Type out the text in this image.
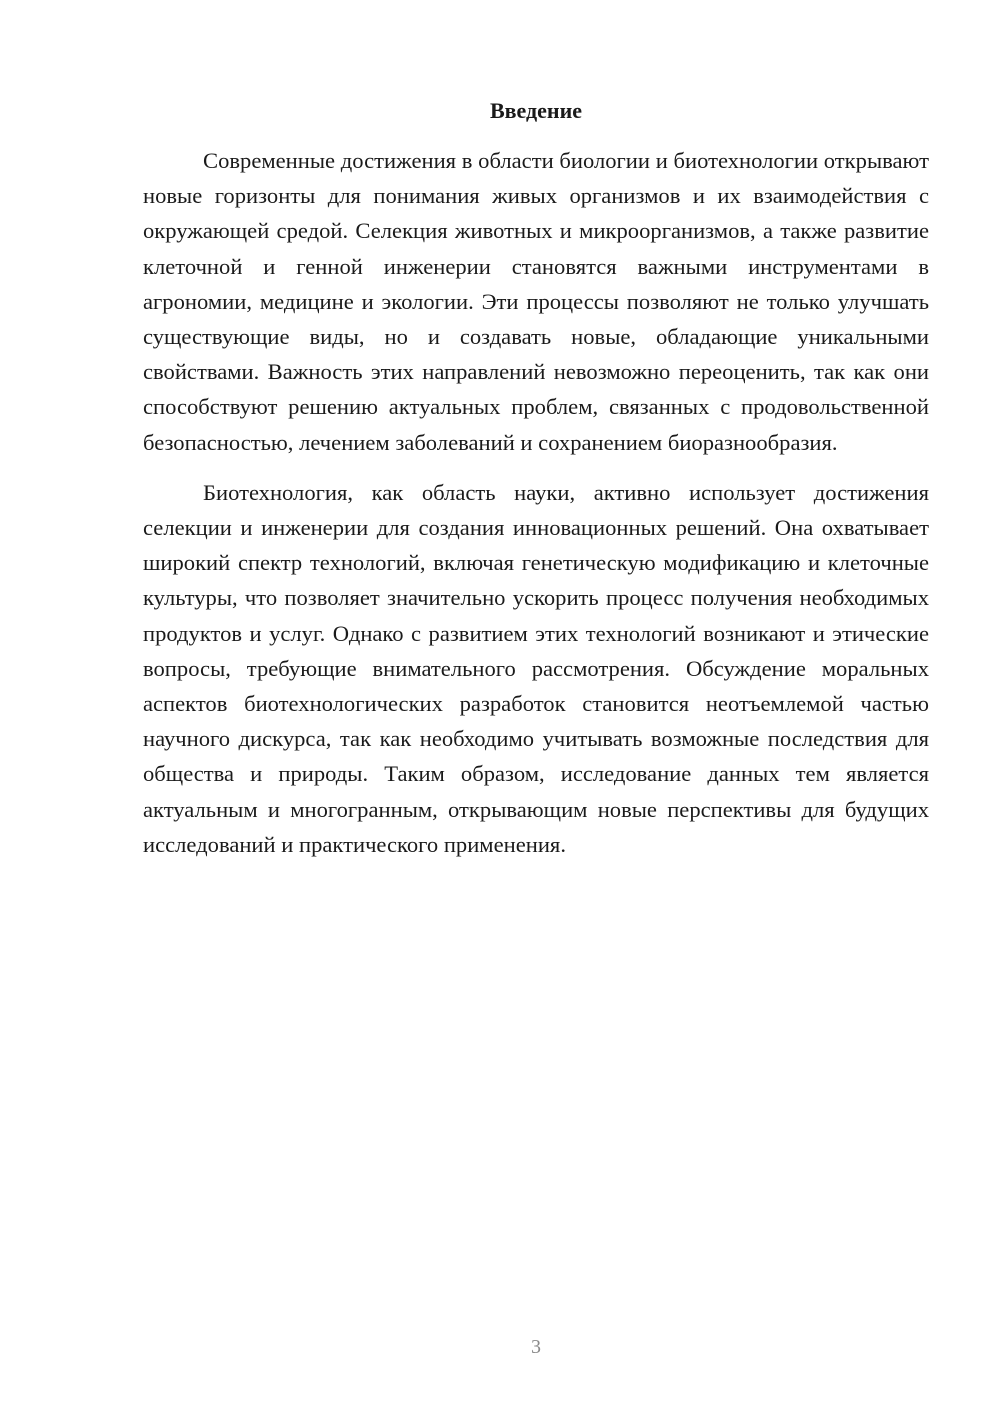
Введение

Современные достижения в области биологии и биотехнологии открывают новые горизонты для понимания живых организмов и их взаимодействия с окружающей средой. Селекция животных и микроорганизмов, а также развитие клеточной и генной инженерии становятся важными инструментами в агрономии, медицине и экологии. Эти процессы позволяют не только улучшать существующие виды, но и создавать новые, обладающие уникальными свойствами. Важность этих направлений невозможно переоценить, так как они способствуют решению актуальных проблем, связанных с продовольственной безопасностью, лечением заболеваний и сохранением биоразнообразия.

Биотехнология, как область науки, активно использует достижения селекции и инженерии для создания инновационных решений. Она охватывает широкий спектр технологий, включая генетическую модификацию и клеточные культуры, что позволяет значительно ускорить процесс получения необходимых продуктов и услуг. Однако с развитием этих технологий возникают и этические вопросы, требующие внимательного рассмотрения. Обсуждение моральных аспектов биотехнологических разработок становится неотъемлемой частью научного дискурса, так как необходимо учитывать возможные последствия для общества и природы. Таким образом, исследование данных тем является актуальным и многогранным, открывающим новые перспективы для будущих исследований и практического применения.

3
